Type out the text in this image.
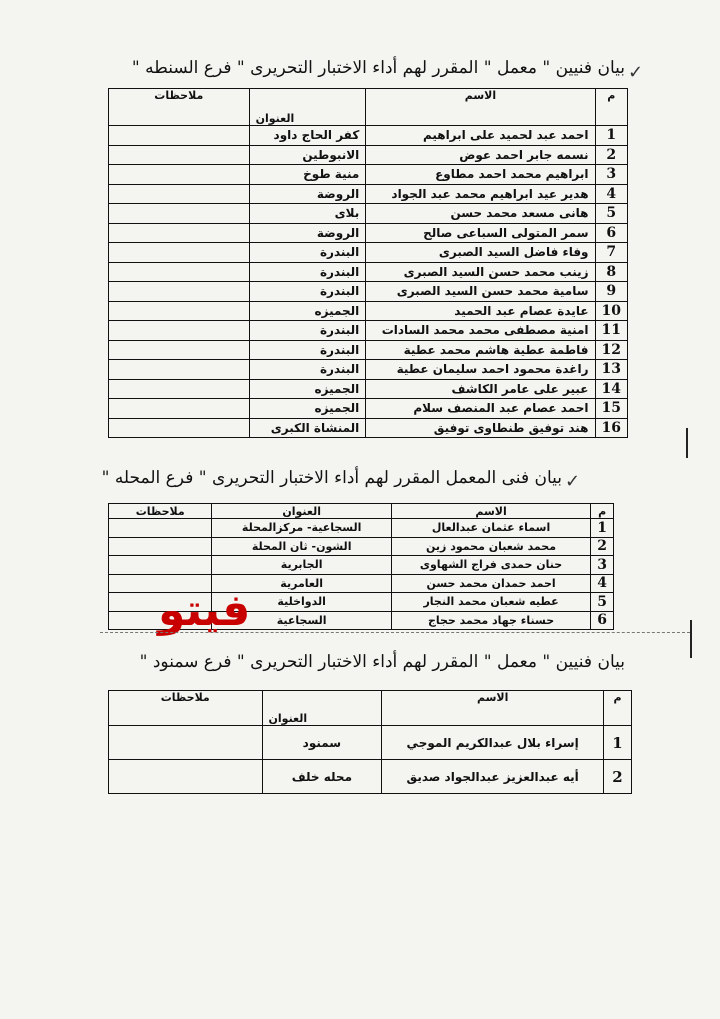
بيان فنيين " معمل " المقرر لهم أداء الاختبار التحريرى " فرع السنطه " ✓
م	الاسم	العنوان	ملاحظات
1	احمد عبد لحميد على ابراهيم	كفر الحاج داود	
2	نسمه جابر احمد عوض	الانبوطين	
3	ابراهيم محمد احمد مطاوع	منية طوخ	
4	هدير عيد ابراهيم محمد عبد الجواد	الروضة	
5	هانى مسعد محمد حسن	بلاى	
6	سمر المتولى السباعى صالح	الروضة	
7	وفاء فاضل السيد الصبرى	البندرة	
8	زينب محمد حسن السيد الصبرى	البندرة	
9	سامية محمد حسن السيد الصبرى	البندرة	
10	عايدة عصام عبد الحميد	الجميزه	
11	امنية مصطفى محمد محمد السادات	البندرة	
12	فاطمة عطية هاشم محمد عطية	البندرة	
13	راغدة محمود احمد سليمان عطية	البندرة	
14	عبير على عامر الكاشف	الجميزه	
15	احمد عصام عبد المنصف سلام	الجميزه	
16	هند توفيق طنطاوى توفيق	المنشاة الكبرى	
بيان فنى المعمل المقرر لهم أداء الاختبار التحريرى " فرع المحله " ✓
م	الاسم	العنوان	ملاحظات
1	اسماء عثمان عبدالعال	السجاعية- مركزالمحلة	
2	محمد شعبان محمود زين	الشون- ثان المحلة	
3	حنان حمدى فراج الشهاوى	الجابرية	
4	احمد حمدان محمد حسن	العامرية	
5	عطيه شعبان محمد النجار	الدواخلية	
6	حسناء جهاد محمد حجاج	السجاعية	
فيتو
بيان فنيين " معمل " المقرر لهم أداء الاختبار التحريرى " فرع سمنود "
م	الاسم	العنوان	ملاحظات
1	إسراء بلال عبدالكريم الموجي	سمنود	
2	أيه عبدالعزيز عبدالجواد صديق	محله خلف	
